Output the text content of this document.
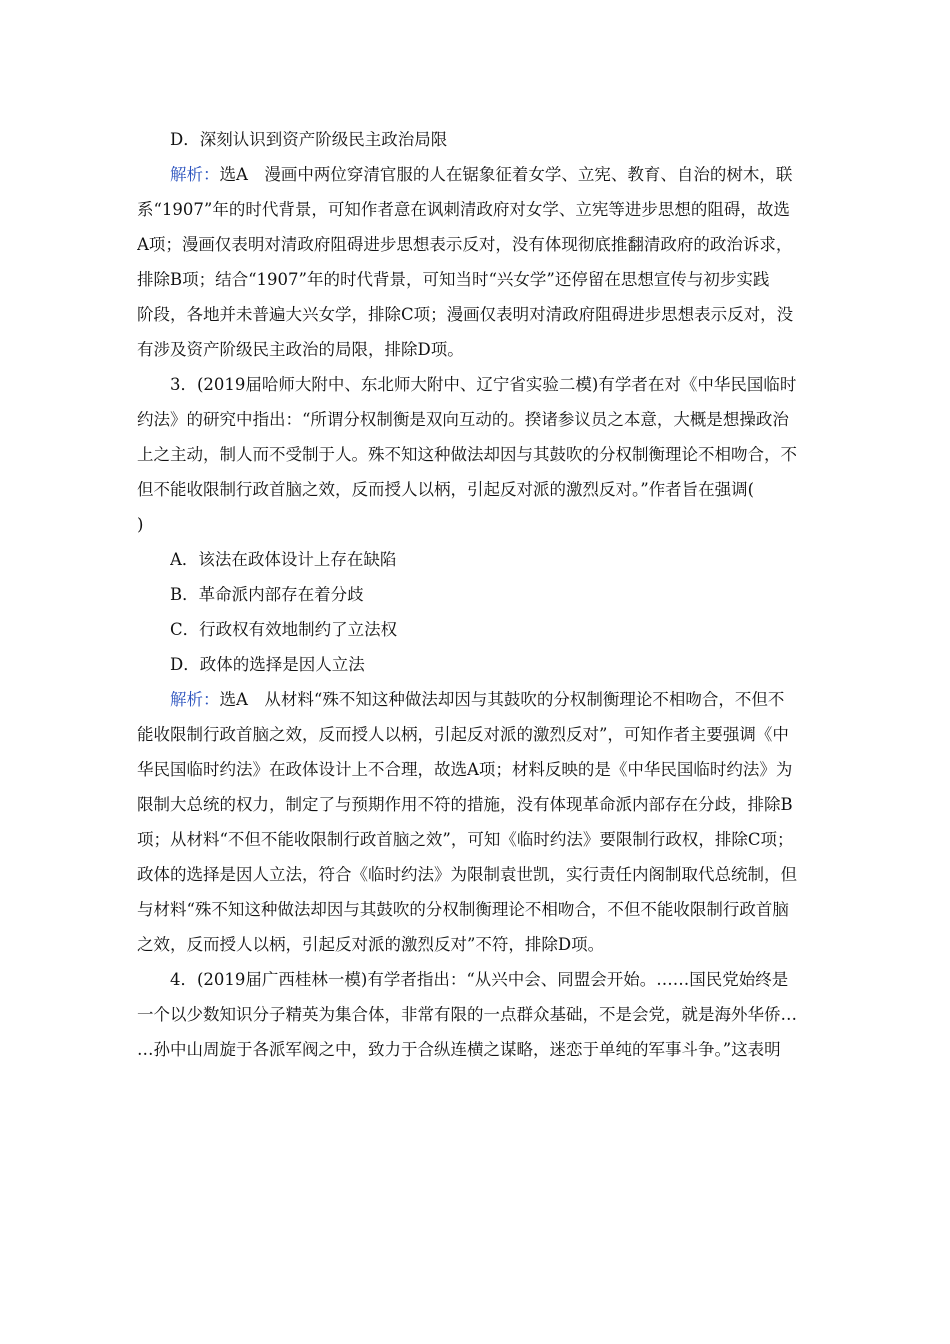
D．深刻认识到资产阶级民主政治局限
解析：选A　漫画中两位穿清官服的人在锯象征着女学、立宪、教育、自治的树木，联
系“1907”年的时代背景，可知作者意在讽刺清政府对女学、立宪等进步思想的阻碍，故选
A项；漫画仅表明对清政府阻碍进步思想表示反对，没有体现彻底推翻清政府的政治诉求，
排除B项；结合“1907”年的时代背景，可知当时“兴女学”还停留在思想宣传与初步实践
阶段，各地并未普遍大兴女学，排除C项；漫画仅表明对清政府阻碍进步思想表示反对，没
有涉及资产阶级民主政治的局限，排除D项。
3．(2019届哈师大附中、东北师大附中、辽宁省实验二模)有学者在对《中华民国临时
约法》的研究中指出：“所谓分权制衡是双向互动的。揆诸参议员之本意，大概是想操政治
上之主动，制人而不受制于人。殊不知这种做法却因与其鼓吹的分权制衡理论不相吻合，不
但不能收限制行政首脑之效，反而授人以柄，引起反对派的激烈反对。”作者旨在强调(
)
A．该法在政体设计上存在缺陷
B．革命派内部存在着分歧
C．行政权有效地制约了立法权
D．政体的选择是因人立法
解析：选A　从材料“殊不知这种做法却因与其鼓吹的分权制衡理论不相吻合，不但不
能收限制行政首脑之效，反而授人以柄，引起反对派的激烈反对”，可知作者主要强调《中
华民国临时约法》在政体设计上不合理，故选A项；材料反映的是《中华民国临时约法》为
限制大总统的权力，制定了与预期作用不符的措施，没有体现革命派内部存在分歧，排除B
项；从材料“不但不能收限制行政首脑之效”，可知《临时约法》要限制行政权，排除C项；
政体的选择是因人立法，符合《临时约法》为限制袁世凯，实行责任内阁制取代总统制，但
与材料“殊不知这种做法却因与其鼓吹的分权制衡理论不相吻合，不但不能收限制行政首脑
之效，反而授人以柄，引起反对派的激烈反对”不符，排除D项。
4．(2019届广西桂林一模)有学者指出：“从兴中会、同盟会开始。……国民党始终是
一个以少数知识分子精英为集合体，非常有限的一点群众基础，不是会党，就是海外华侨…
…孙中山周旋于各派军阀之中，致力于合纵连横之谋略，迷恋于单纯的军事斗争。”这表明
